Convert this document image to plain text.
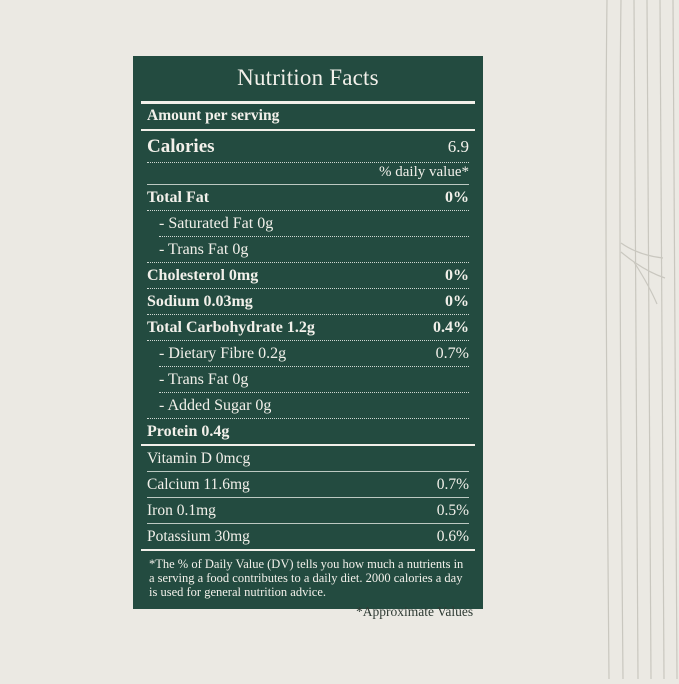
Nutrition Facts
Amount per serving
Calories	6.9
% daily value*
Total Fat	0%
- Saturated Fat 0g
- Trans Fat 0g
Cholesterol 0mg	0%
Sodium 0.03mg	0%
Total Carbohydrate 1.2g	0.4%
- Dietary Fibre 0.2g	0.7%
- Trans Fat 0g
- Added Sugar 0g
Protein 0.4g
Vitamin D 0mcg
Calcium 11.6mg	0.7%
Iron 0.1mg	0.5%
Potassium 30mg	0.6%
*The % of Daily Value (DV) tells you how much a nutrients in a serving a food contributes to a daily diet. 2000 calories a day is used for general nutrition advice.
*Approximate Values
